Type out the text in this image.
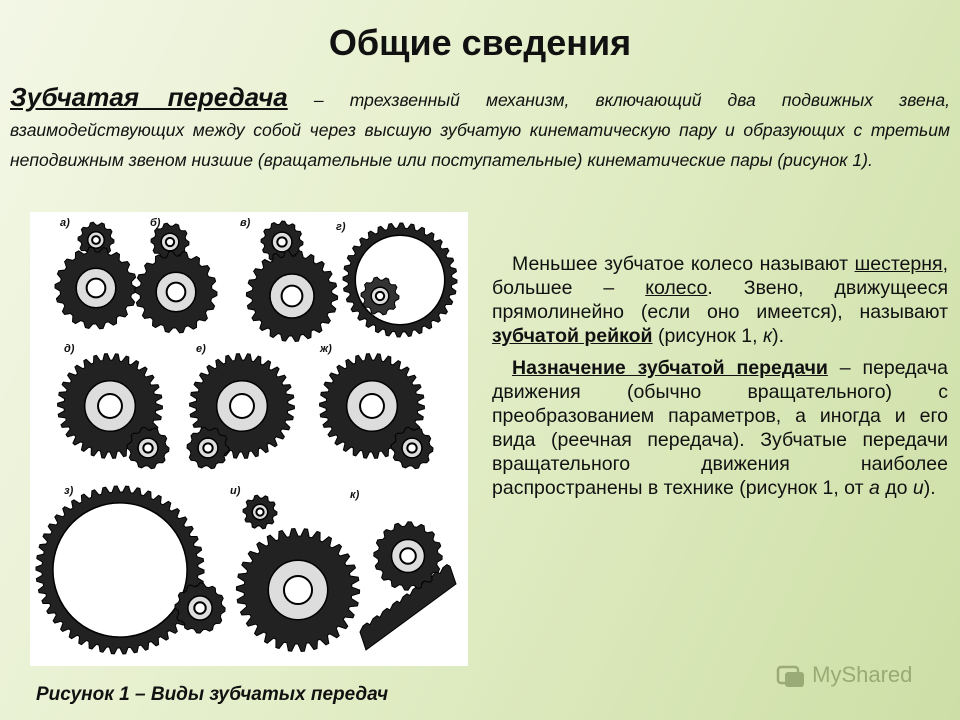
Общие сведения

Зубчатая передача – трехзвенный механизм, включающий два подвижных звена, взаимодействующих между собой через высшую зубчатую кинематическую пару и образующих с третьим неподвижным звеном низшие (вращательные или поступательные) кинематические пары (рисунок 1).

а)	б)	в)	г)
д)	е)	ж)
з)	и)	к)

Рисунок 1 – Виды зубчатых передач

Меньшее зубчатое колесо называют шестерня, большее – колесо. Звено, движущееся прямолинейно (если оно имеется), называют зубчатой рейкой (рисунок 1, к).

Назначение зубчатой передачи – передача движения (обычно вращательного) с преобразованием параметров, а иногда и его вида (реечная передача). Зубчатые передачи вращательного движения наиболее распространены в технике (рисунок 1, от а до и).

MyShared
